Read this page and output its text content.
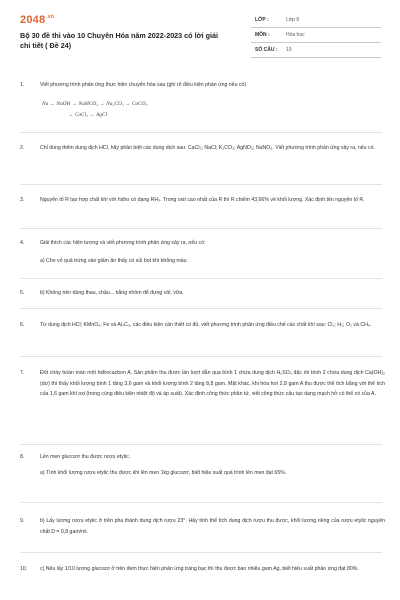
$2048^{.vn}$
Bộ 30 đề thi vào 10 Chuyên Hóa năm 2022-2023 có lời giải chi tiết ( Đề 24)
LỚP :	Lớp 9
MÔN :	Hóa học
SỐ CÂU : 10
1.	Viết phương trình phản ứng thực hiện chuyển hóa sau (ghi rõ điều kiện phản ứng nếu có)
Na → NaOH → NaHCO₃ → Na₂CO₃ → CaCO₃
→ CaCl₂ → AgCl
2.	Chỉ dùng thêm dung dịch HCl, hãy phân biệt các dung dịch sau: CaCl₂; NaCl; K₂CO₃; AgNO₃; NaNO₃. Viết phương trình phản ứng xảy ra, nếu có.
3.	Nguyên tố R tạo hợp chất khí với hiđro có dạng RH₃. Trong oxit cao nhất của R thì R chiếm 43,66% về khối lượng. Xác định tên nguyên tố R.
4.	Giải thích các hiện tượng và viết phương trình phản ứng xảy ra, nếu có:
a) Cho vỏ quả trứng vào giấm ăn thấy có sủi bọt khí không màu.
5.	b) Không nên dùng thau, chậu... bằng nhôm để đựng vôi, vữa.
6.	Từ dung dịch HCl; KMnO₄; Fe và Al₄C₃, các điều kiện cần thiết có đủ, viết phương trình phản ứng điều chế các chất khí sau: Cl₂; H₂; O₂ và CH₄.
7.	Đốt cháy hoàn toàn một hiđrocacbon A. Sản phẩm thu được lần lượt dẫn qua bình 1 chứa dung dịch H₂SO₄ đặc rồi bình 2 chứa dung dịch Ca(OH)₂ (dư) thì thấy khối lượng bình 1 tăng 3,6 gam và khối lượng bình 2 tăng 8,8 gam. Mặt khác, khi hóa hơi 2,8 gam A thu được thể tích bằng với thể tích của 1,6 gam khí oxi (trong cùng điều kiện nhiệt độ và áp suất). Xác định công thức phân tử, viết công thức cấu tạo dạng mạch hở có thể có của A.
8.	Lên men glucozơ thu được rượu etylic.
a) Tính khối lượng rượu etylic thu được khi lên men 1kg glucozơ, biết hiệu suất quá trình lên men đạt 65%.
9.	b) Lấy lượng rượu etylic ở trên pha thành dung dịch rượu 23°. Hãy tính thể tích dung dịch rượu thu được, khối lượng riêng của rượu etylic nguyên chất D = 0,8 gam/ml.
10.	c) Nếu lấy 1/10 lượng glucozơ ở trên đem thực hiện phản ứng tráng bạc thì thu được bao nhiêu gam Ag, biết hiệu suất phản ứng đạt 80%.
